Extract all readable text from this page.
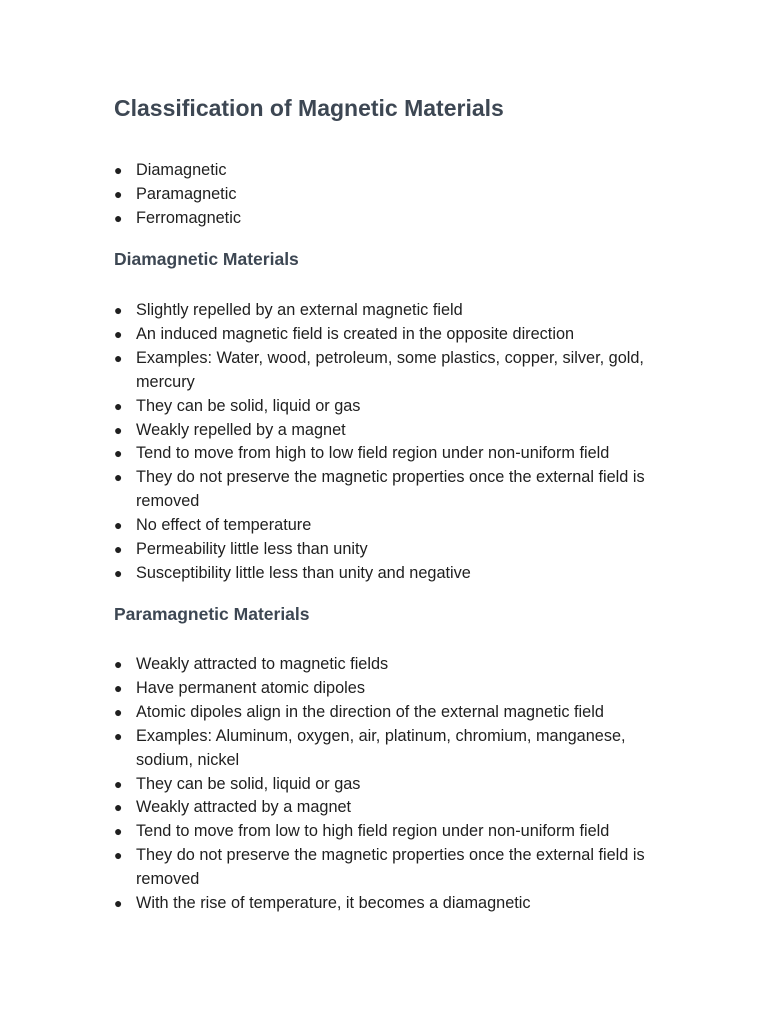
Classification of Magnetic Materials
● Diamagnetic
● Paramagnetic
● Ferromagnetic
Diamagnetic Materials
● Slightly repelled by an external magnetic field
● An induced magnetic field is created in the opposite direction
● Examples: Water, wood, petroleum, some plastics, copper, silver, gold, mercury
● They can be solid, liquid or gas
● Weakly repelled by a magnet
● Tend to move from high to low field region under non-uniform field
● They do not preserve the magnetic properties once the external field is removed
● No effect of temperature
● Permeability little less than unity
● Susceptibility little less than unity and negative
Paramagnetic Materials
● Weakly attracted to magnetic fields
● Have permanent atomic dipoles
● Atomic dipoles align in the direction of the external magnetic field
● Examples: Aluminum, oxygen, air, platinum, chromium, manganese, sodium, nickel
● They can be solid, liquid or gas
● Weakly attracted by a magnet
● Tend to move from low to high field region under non-uniform field
● They do not preserve the magnetic properties once the external field is removed
● With the rise of temperature, it becomes a diamagnetic
